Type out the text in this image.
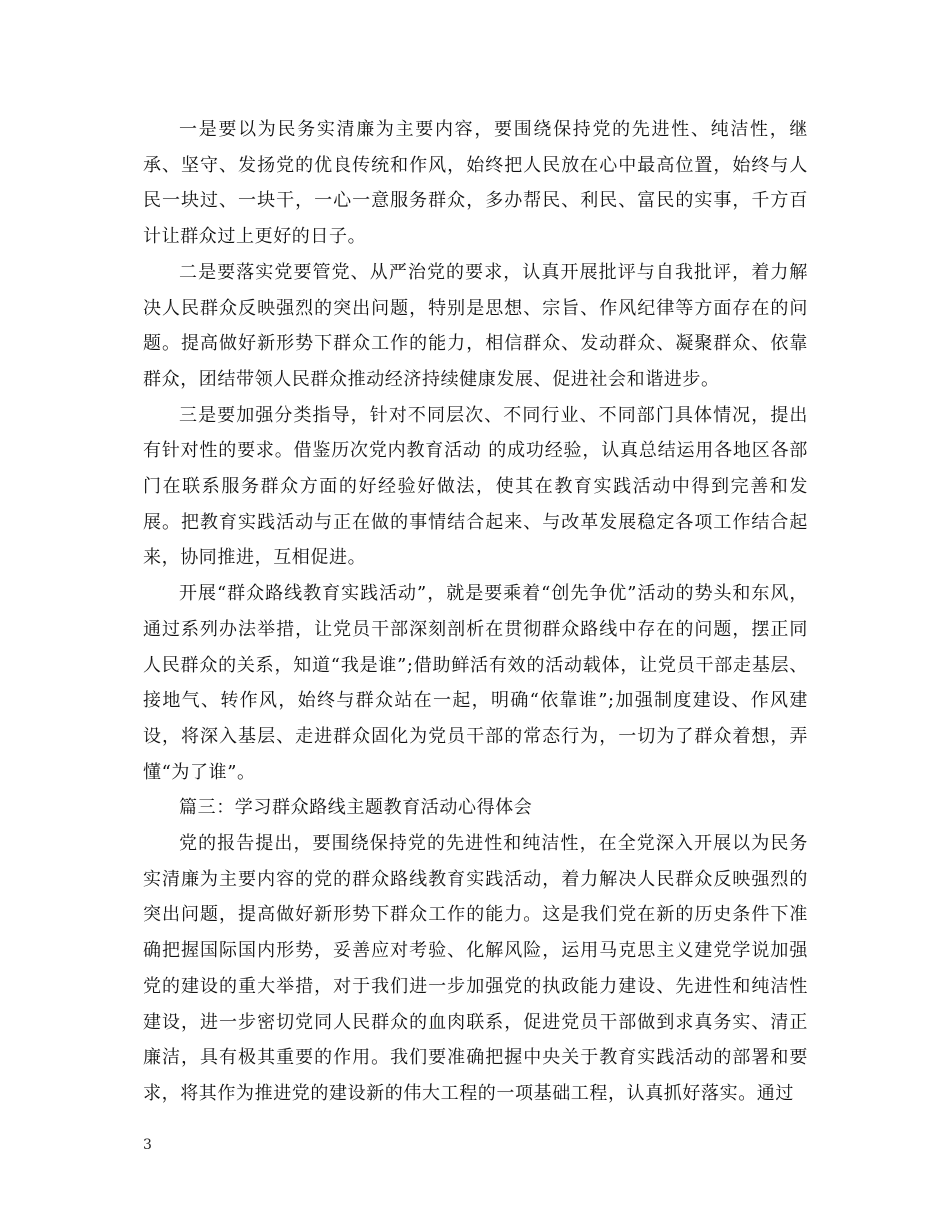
一是要以为民务实清廉为主要内容，要围绕保持党的先进性、纯洁性，继承、坚守、发扬党的优良传统和作风，始终把人民放在心中最高位置，始终与人民一块过、一块干，一心一意服务群众，多办帮民、利民、富民的实事，千方百计让群众过上更好的日子。

二是要落实党要管党、从严治党的要求，认真开展批评与自我批评，着力解决人民群众反映强烈的突出问题，特别是思想、宗旨、作风纪律等方面存在的问题。提高做好新形势下群众工作的能力，相信群众、发动群众、凝聚群众、依靠群众，团结带领人民群众推动经济持续健康发展、促进社会和谐进步。

三是要加强分类指导，针对不同层次、不同行业、不同部门具体情况，提出有针对性的要求。借鉴历次党内教育活动 的成功经验，认真总结运用各地区各部门在联系服务群众方面的好经验好做法，使其在教育实践活动中得到完善和发展。把教育实践活动与正在做的事情结合起来、与改革发展稳定各项工作结合起来，协同推进，互相促进。

开展“群众路线教育实践活动”，就是要乘着“创先争优”活动的势头和东风，通过系列办法举措，让党员干部深刻剖析在贯彻群众路线中存在的问题，摆正同人民群众的关系，知道“我是谁”;借助鲜活有效的活动载体，让党员干部走基层、接地气、转作风，始终与群众站在一起，明确“依靠谁”;加强制度建设、作风建设，将深入基层、走进群众固化为党员干部的常态行为，一切为了群众着想，弄懂“为了谁”。

篇三：学习群众路线主题教育活动心得体会

党的报告提出，要围绕保持党的先进性和纯洁性，在全党深入开展以为民务实清廉为主要内容的党的群众路线教育实践活动，着力解决人民群众反映强烈的突出问题，提高做好新形势下群众工作的能力。这是我们党在新的历史条件下准确把握国际国内形势，妥善应对考验、化解风险，运用马克思主义建党学说加强党的建设的重大举措，对于我们进一步加强党的执政能力建设、先进性和纯洁性建设，进一步密切党同人民群众的血肉联系，促进党员干部做到求真务实、清正廉洁，具有极其重要的作用。我们要准确把握中央关于教育实践活动的部署和要求，将其作为推进党的建设新的伟大工程的一项基础工程，认真抓好落实。通过

3
